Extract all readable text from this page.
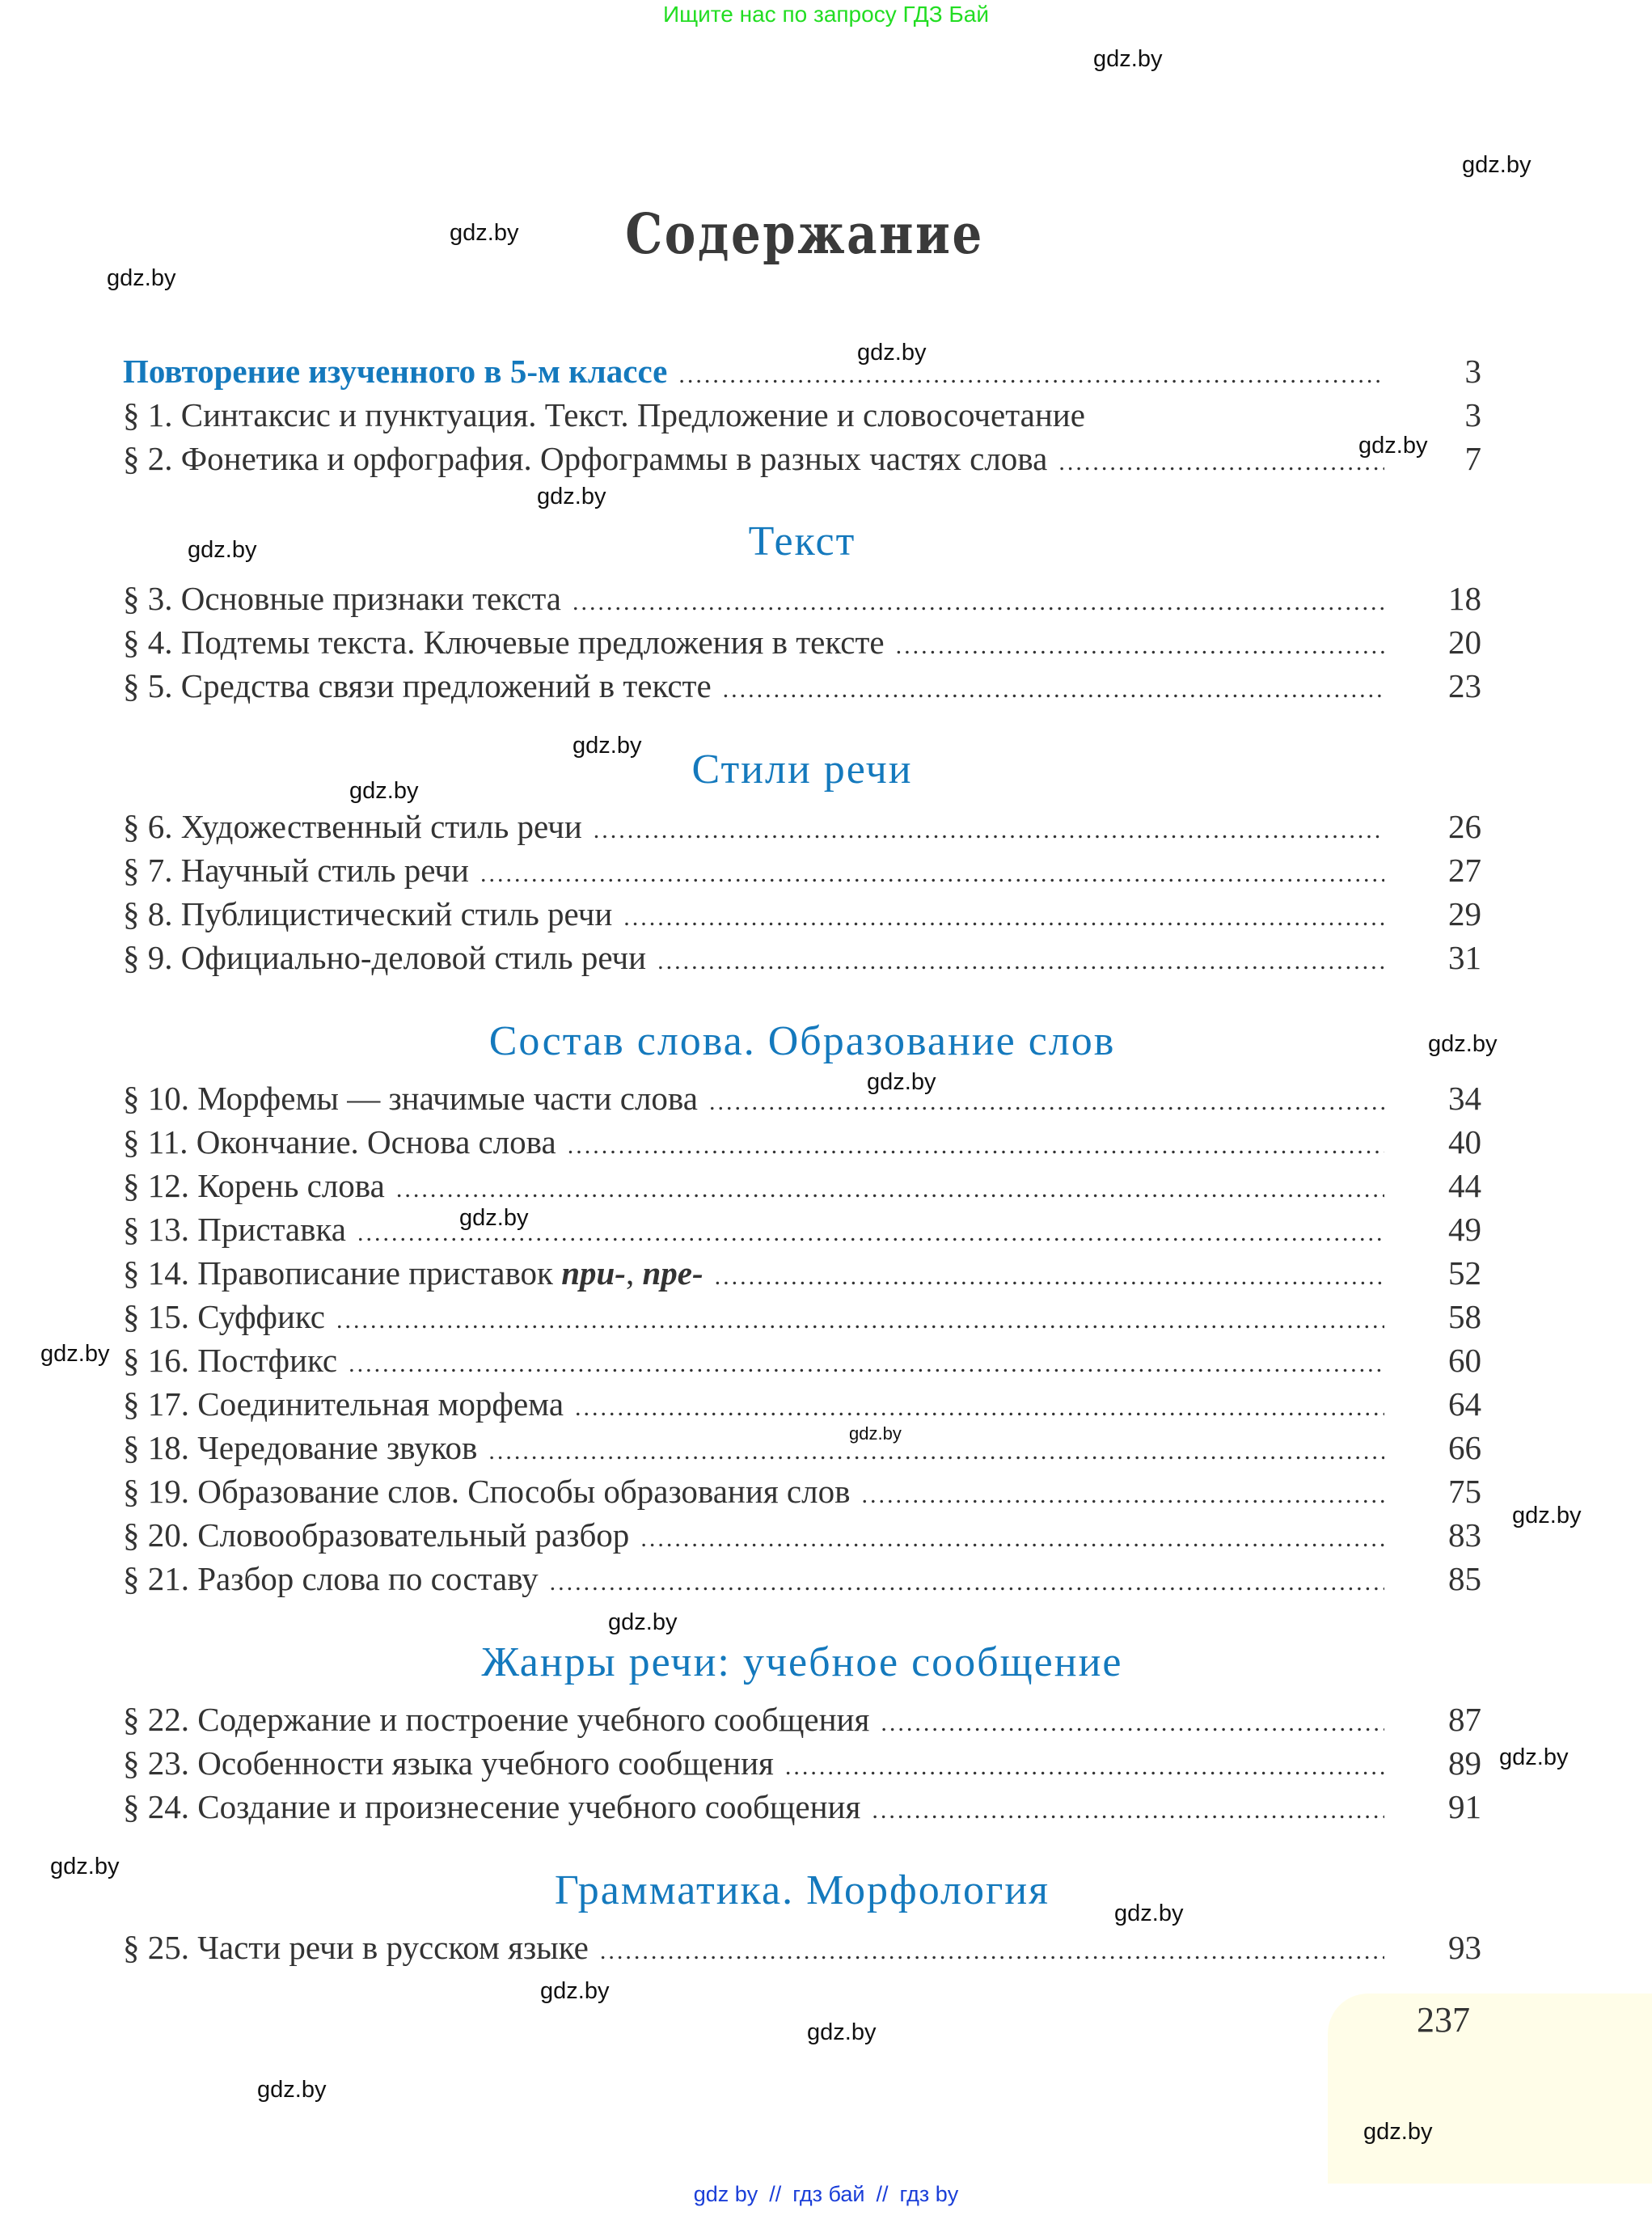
Ищите нас по запросу ГДЗ Бай
gdz.by
gdz.by
gdz.by
gdz.by
gdz.by
gdz.by
gdz.by
gdz.by
gdz.by
gdz.by
gdz.by
gdz.by
gdz.by
gdz.by
gdz.by
gdz.by
gdz.by
gdz.by
gdz.by
gdz.by
gdz.by
gdz.by
gdz.by
Содержание
Повторение изученного в 5-м классе .....	3
§ 1. Синтаксис и пунктуация. Текст. Предложение и словосочетание	3
§ 2. Фонетика и орфография. Орфограммы в разных частях слова .....	7
Текст
§ 3. Основные признаки текста .....	18
§ 4. Подтемы текста. Ключевые предложения в тексте .....	20
§ 5. Средства связи предложений в тексте .....	23
Стили речи
§ 6. Художественный стиль речи .....	26
§ 7. Научный стиль речи .....	27
§ 8. Публицистический стиль речи .....	29
§ 9. Официально-деловой стиль речи .....	31
Состав слова. Образование слов
§ 10. Морфемы — значимые части слова .....	34
§ 11. Окончание. Основа слова .....	40
§ 12. Корень слова .....	44
§ 13. Приставка .....	49
§ 14. Правописание приставок при-, пре- .....	52
§ 15. Суффикс .....	58
§ 16. Постфикс .....	60
§ 17. Соединительная морфема .....	64
§ 18. Чередование звуков .....	66
§ 19. Образование слов. Способы образования слов .....	75
§ 20. Словообразовательный разбор .....	83
§ 21. Разбор слова по составу .....	85
Жанры речи: учебное сообщение
§ 22. Содержание и построение учебного сообщения .....	87
§ 23. Особенности языка учебного сообщения .....	89
§ 24. Создание и произнесение учебного сообщения .....	91
Грамматика. Морфология
§ 25. Части речи в русском языке .....	93
237
gdz.by
gdz by // гдз бай // гдз by
